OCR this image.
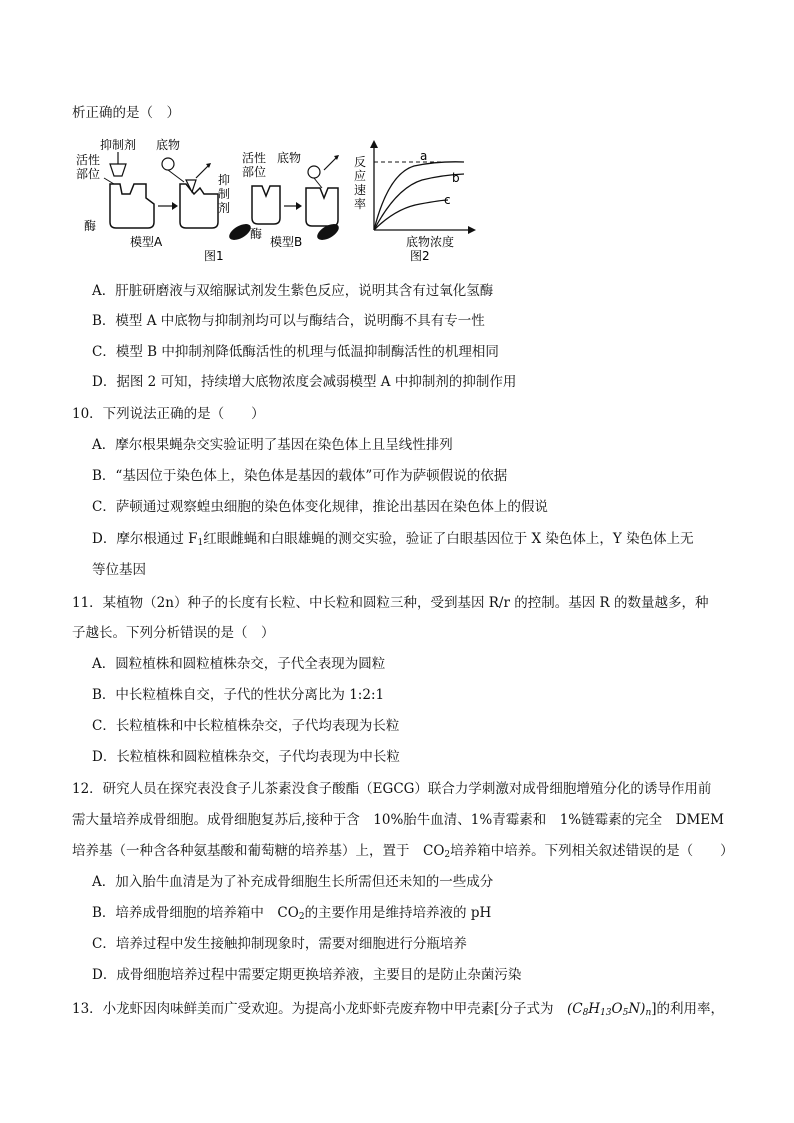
析正确的是（　）
抑制剂 底物
活性
部位
酶
模型A
图1
活性
部位
底物
抑
制
剂
酶
模型B
反
应
速
率
a
b
c
底物浓度
图2
A．肝脏研磨液与双缩脲试剂发生紫色反应，说明其含有过氧化氢酶
B．模型 A 中底物与抑制剂均可以与酶结合，说明酶不具有专一性
C．模型 B 中抑制剂降低酶活性的机理与低温抑制酶活性的机理相同
D．据图 2 可知，持续增大底物浓度会减弱模型 A 中抑制剂的抑制作用
10．下列说法正确的是（　　）
A．摩尔根果蝇杂交实验证明了基因在染色体上且呈线性排列
B．“基因位于染色体上，染色体是基因的载体”可作为萨顿假说的依据
C．萨顿通过观察蝗虫细胞的染色体变化规律，推论出基因在染色体上的假说
D．摩尔根通过 $F_1$红眼雌蝇和白眼雄蝇的测交实验，验证了白眼基因位于 X 染色体上，Y 染色体上无
等位基因
11．某植物（2n）种子的长度有长粒、中长粒和圆粒三种，受到基因 R/r 的控制。基因 R 的数量越多，种
子越长。下列分析错误的是（　）
A．圆粒植株和圆粒植株杂交，子代全表现为圆粒
B．中长粒植株自交，子代的性状分离比为 1:2:1
C．长粒植株和中长粒植株杂交，子代均表现为长粒
D．长粒植株和圆粒植株杂交，子代均表现为中长粒
12．研究人员在探究表没食子儿茶素没食子酸酯（EGCG）联合力学刺激对成骨细胞增殖分化的诱导作用前
需大量培养成骨细胞。成骨细胞复苏后,接种于含　10%胎牛血清、1%青霉素和　1%链霉素的完全　DMEM
培养基（一种含各种氨基酸和葡萄糖的培养基）上，置于　$CO_2$培养箱中培养。下列相关叙述错误的是（　　）
A．加入胎牛血清是为了补充成骨细胞生长所需但还未知的一些成分
B．培养成骨细胞的培养箱中　$CO_2$的主要作用是维持培养液的 pH
C．培养过程中发生接触抑制现象时，需要对细胞进行分瓶培养
D．成骨细胞培养过程中需要定期更换培养液，主要目的是防止杂菌污染
13．小龙虾因肉味鲜美而广受欢迎。为提高小龙虾虾壳废弃物中甲壳素[分子式为　$(C_8H_{13}O_5N)_n$]的利用率，
